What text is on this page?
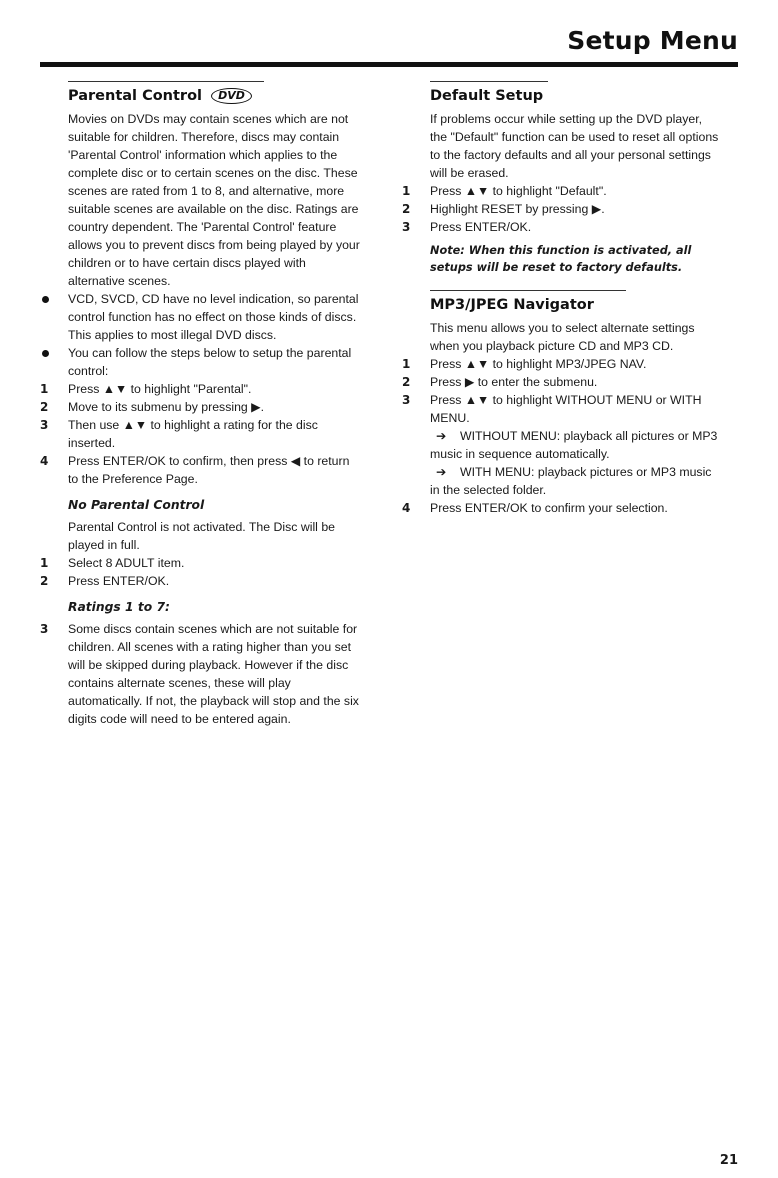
Setup Menu
Parental Control DVD

Movies on DVDs may contain scenes which are not suitable for children. Therefore, discs may contain 'Parental Control' information which applies to the complete disc or to certain scenes on the disc. These scenes are rated from 1 to 8, and alternative, more suitable scenes are available on the disc. Ratings are country dependent. The 'Parental Control' feature allows you to prevent discs from being played by your children or to have certain discs played with alternative scenes.

VCD, SVCD, CD have no level indication, so parental control function has no effect on those kinds of discs. This applies to most illegal DVD discs.
You can follow the steps below to setup the parental control:
1	Press ▲▼ to highlight "Parental".
2	Move to its submenu by pressing ▶.
3	Then use ▲▼ to highlight a rating for the disc inserted.
4	Press ENTER/OK to confirm, then press ◀ to return to the Preference Page.
No Parental Control

Parental Control is not activated. The Disc will be played in full.

1	Select 8 ADULT item.
2	Press ENTER/OK.
Ratings 1 to 7:
3	Some discs contain scenes which are not suitable for children. All scenes with a rating higher than you set will be skipped during playback. However if the disc contains alternate scenes, these will play automatically. If not, the playback will stop and the six digits code will need to be entered again.
Default Setup

If problems occur while setting up the DVD player, the "Default" function can be used to reset all options to the factory defaults and all your personal settings will be erased.

1	Press ▲▼ to highlight "Default".
2	Highlight RESET by pressing ▶.
3	Press ENTER/OK.
Note: When this function is activated, all setups will be reset to factory defaults.
MP3/JPEG Navigator

This menu allows you to select alternate settings when you playback picture CD and MP3 CD.

1	Press ▲▼ to highlight MP3/JPEG NAV.
2	Press ▶ to enter the submenu.
3	Press ▲▼ to highlight WITHOUT MENU or WITH MENU.
➔ WITHOUT MENU: playback all pictures or MP3 music in sequence automatically.
➔ WITH MENU: playback pictures or MP3 music in the selected folder.
4	Press ENTER/OK to confirm your selection.
21
